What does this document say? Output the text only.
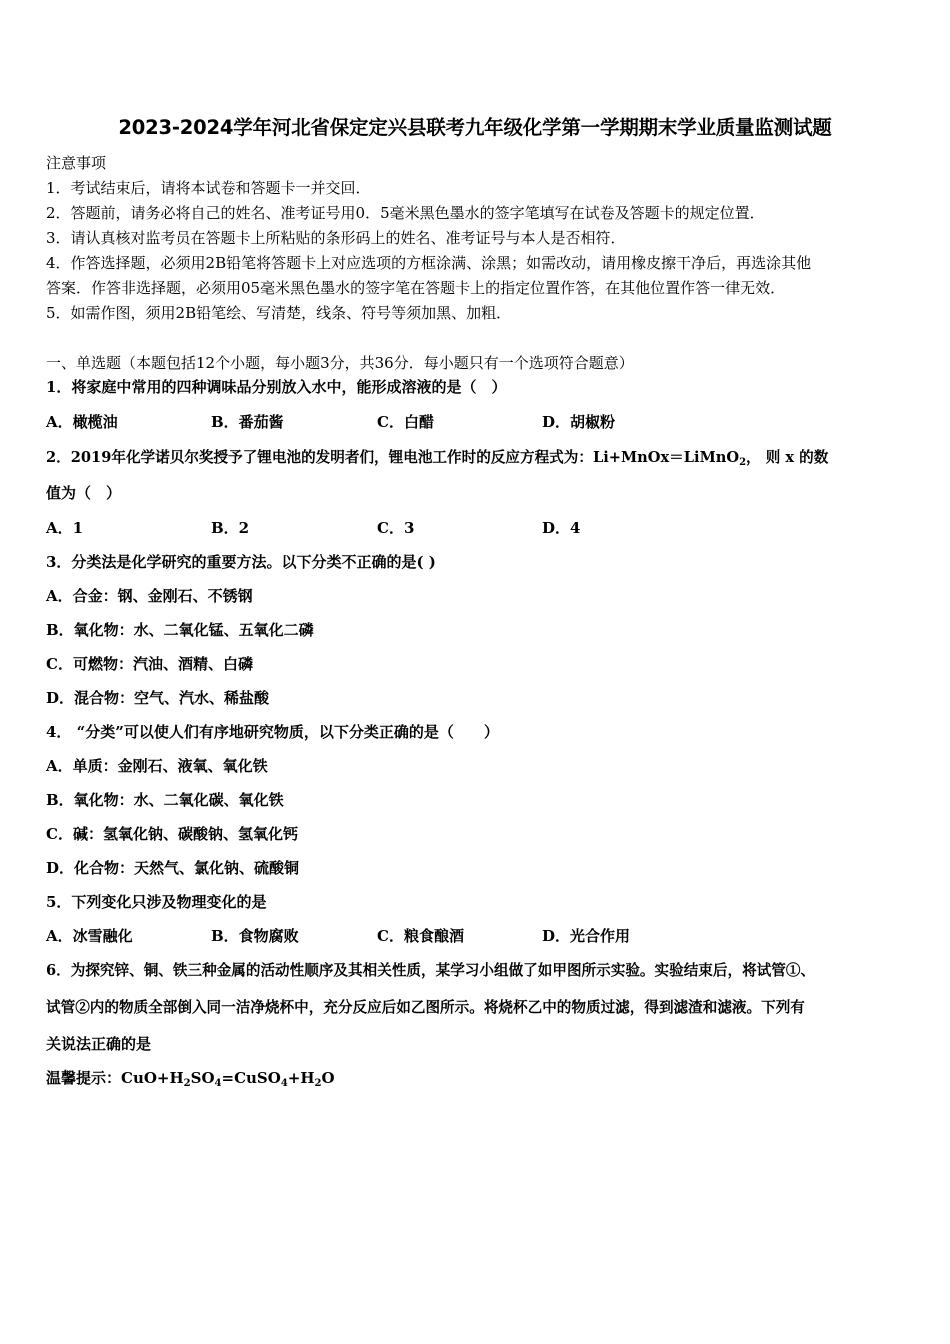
2023-2024学年河北省保定定兴县联考九年级化学第一学期期末学业质量监测试题
注意事项
1．考试结束后，请将本试卷和答题卡一并交回．
2．答题前，请务必将自己的姓名、准考证号用0．5毫米黑色墨水的签字笔填写在试卷及答题卡的规定位置．
3．请认真核对监考员在答题卡上所粘贴的条形码上的姓名、准考证号与本人是否相符．
4．作答选择题，必须用2B铅笔将答题卡上对应选项的方框涂满、涂黑；如需改动，请用橡皮擦干净后，再选涂其他
答案．作答非选择题，必须用05毫米黑色墨水的签字笔在答题卡上的指定位置作答，在其他位置作答一律无效．
5．如需作图，须用2B铅笔绘、写清楚，线条、符号等须加黑、加粗．
一、单选题（本题包括12个小题，每小题3分，共36分．每小题只有一个选项符合题意）
1．将家庭中常用的四种调味品分别放入水中，能形成溶液的是（　）
A．橄榄油	B．番茄酱	C．白醋	D．胡椒粉
2．2019年化学诺贝尔奖授予了锂电池的发明者们，锂电池工作时的反应方程式为：Li+MnOx＝LiMnO$_2$， 则 x 的数
值为（　）
A．1	B．2	C．3	D．4
3．分类法是化学研究的重要方法。以下分类不正确的是( )
A．合金：钢、金刚石、不锈钢
B．氧化物：水、二氧化锰、五氧化二磷
C．可燃物：汽油、酒精、白磷
D．混合物：空气、汽水、稀盐酸
4． “分类”可以使人们有序地研究物质，以下分类正确的是（　　）
A．单质：金刚石、液氧、氧化铁
B．氧化物：水、二氧化碳、氧化铁
C．碱：氢氧化钠、碳酸钠、氢氧化钙
D．化合物：天然气、氯化钠、硫酸铜
5．下列变化只涉及物理变化的是
A．冰雪融化	B．食物腐败	C．粮食酿酒	D．光合作用
6．为探究锌、铜、铁三种金属的活动性顺序及其相关性质，某学习小组做了如甲图所示实验。实验结束后，将试管①、
试管②内的物质全部倒入同一洁净烧杯中，充分反应后如乙图所示。将烧杯乙中的物质过滤，得到滤渣和滤液。下列有
关说法正确的是
温馨提示：$CuO+H_2SO_4=CuSO_4+H_2O$
